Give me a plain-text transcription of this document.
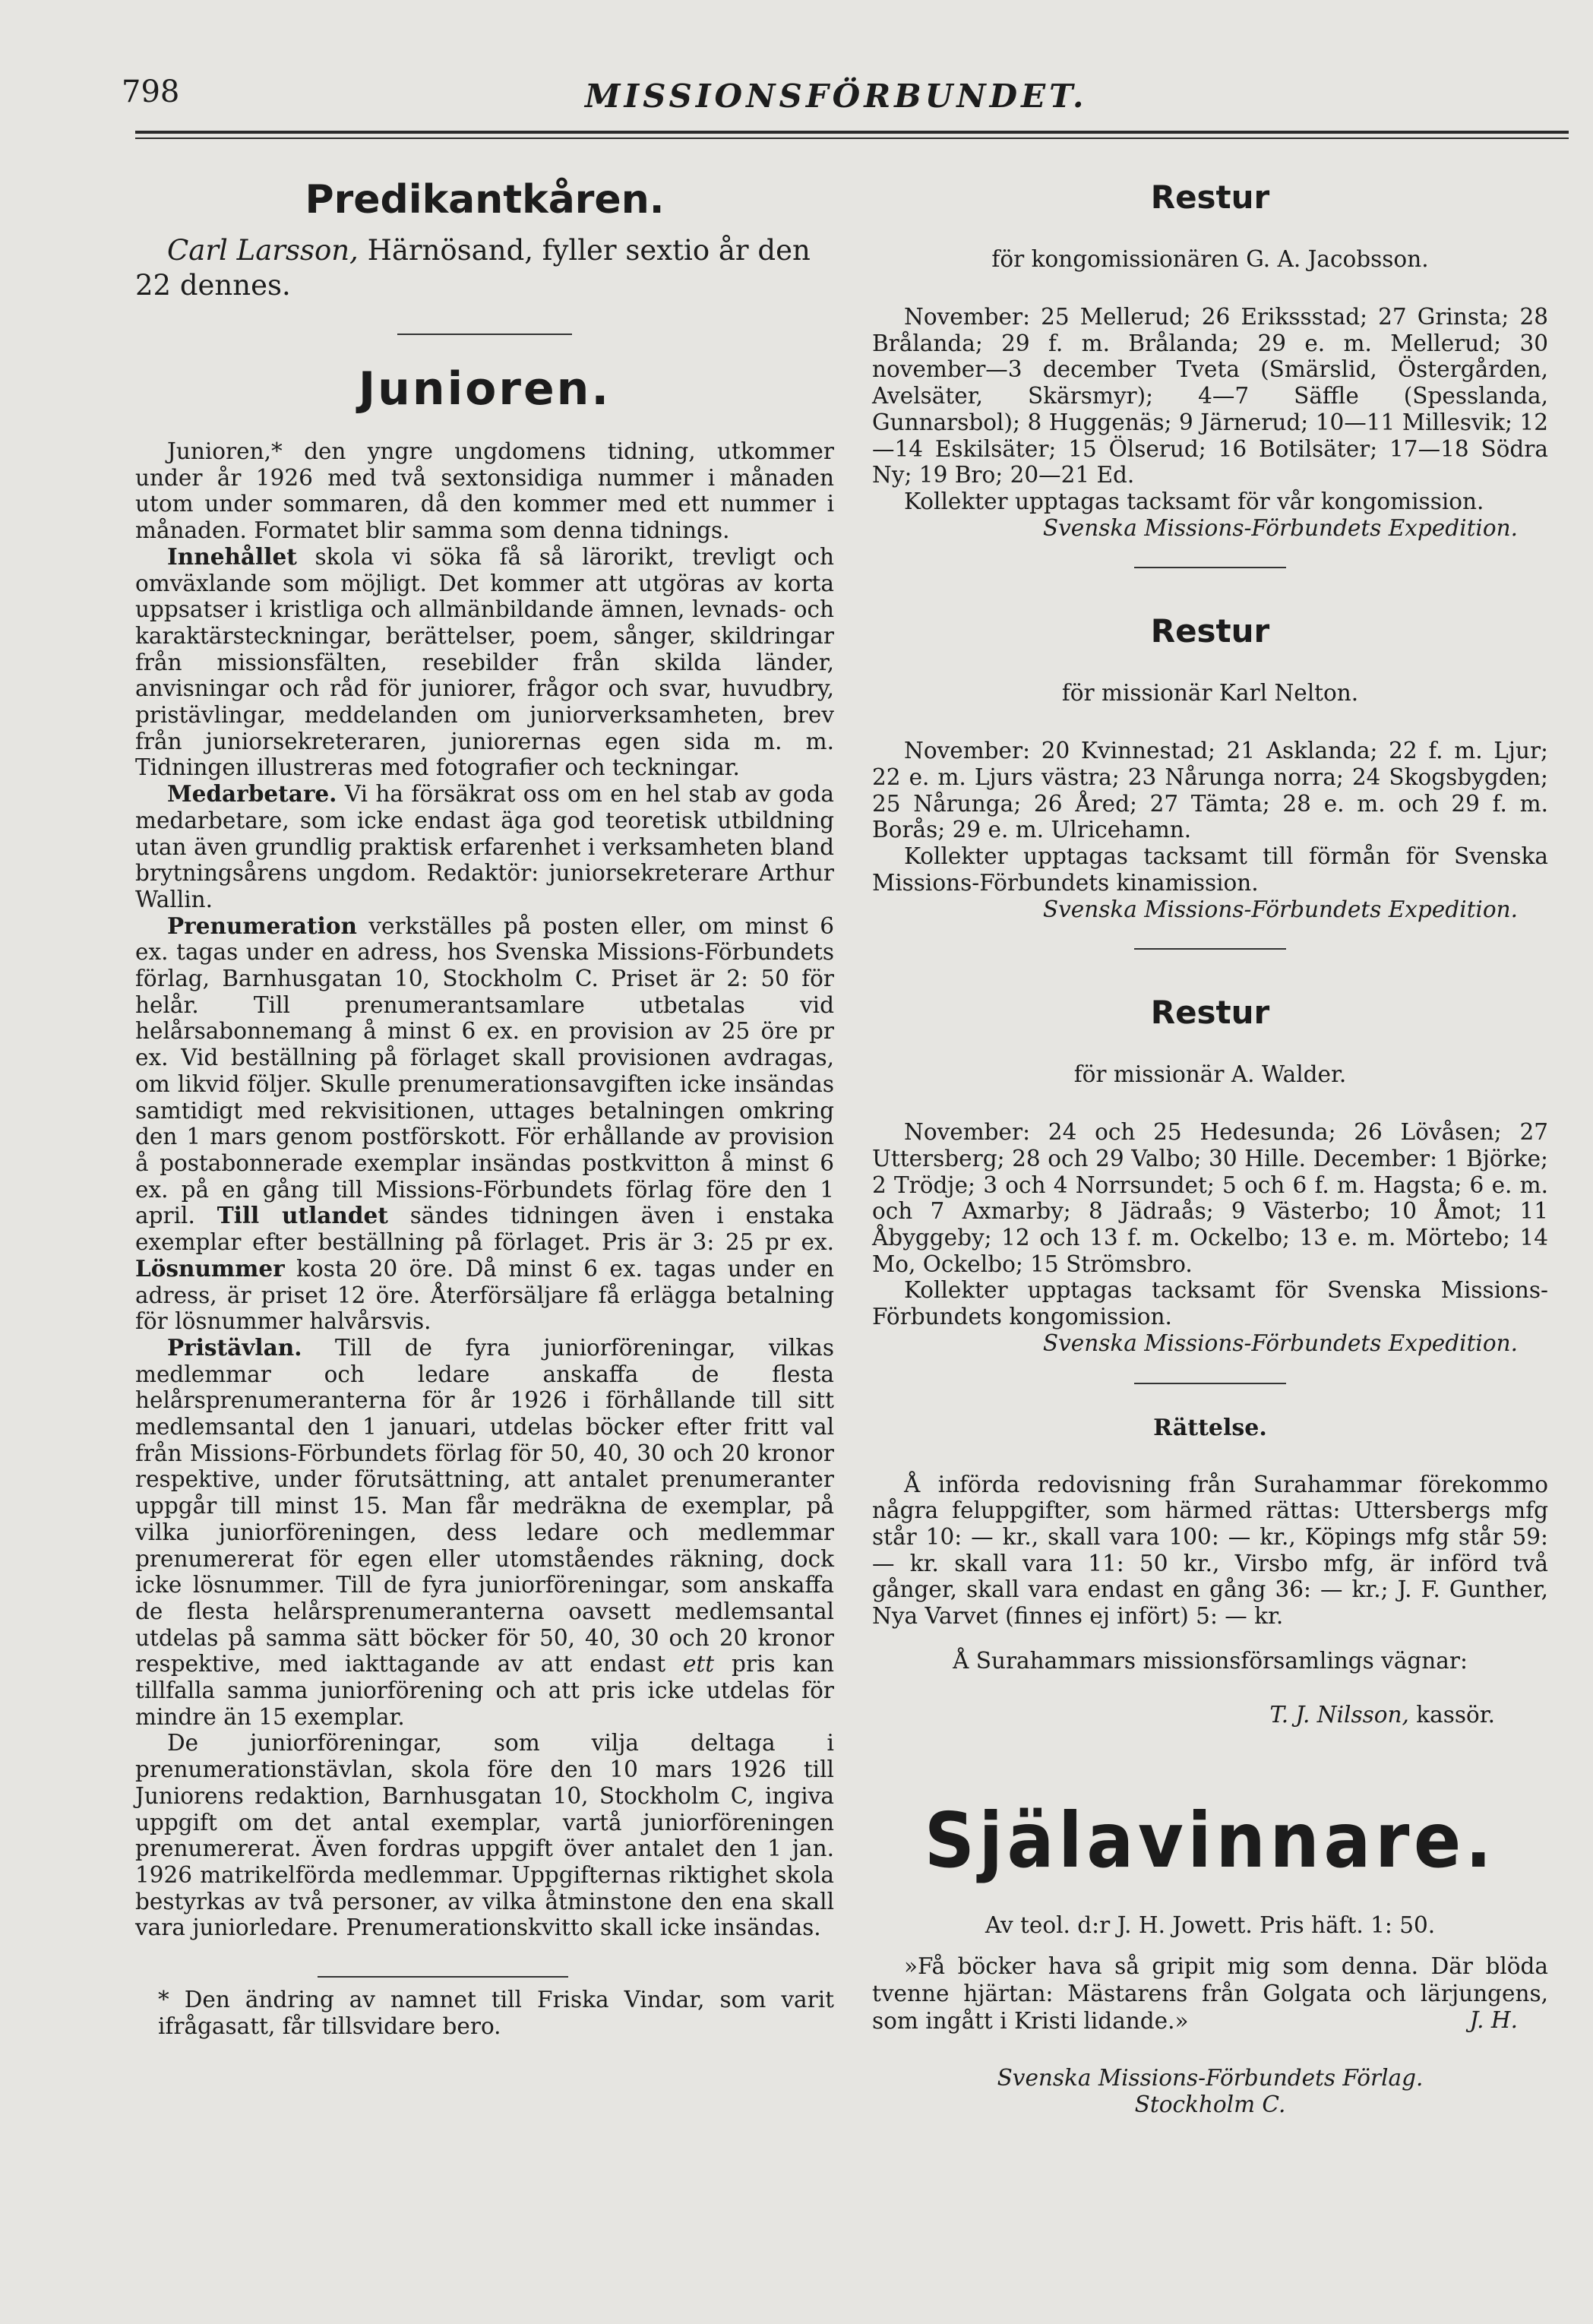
798	MISSIONSFÖRBUNDET.
Predikantkåren.

Carl Larsson, Härnösand, fyller sextio år den 22 dennes.

Junioren.

Junioren,* den yngre ungdomens tidning, utkommer under år 1926 med två sextonsidiga nummer i månaden utom under sommaren, då den kommer med ett nummer i månaden. Formatet blir samma som denna tidnings.

Innehållet skola vi söka få så lärorikt, trevligt och omväxlande som möjligt. Det kommer att utgöras av korta uppsatser i kristliga och allmänbildande ämnen, levnads- och karaktärsteckningar, berättelser, poem, sånger, skildringar från missionsfälten, resebilder från skilda länder, anvisningar och råd för juniorer, frågor och svar, huvudbry, pristävlingar, meddelanden om juniorverksamheten, brev från juniorsekreteraren, juniorernas egen sida m. m. Tidningen illustreras med fotografier och teckningar.

Medarbetare. Vi ha försäkrat oss om en hel stab av goda medarbetare, som icke endast äga god teoretisk utbildning utan även grundlig praktisk erfarenhet i verksamheten bland brytningsårens ungdom. Redaktör: juniorsekreterare Arthur Wallin.

Prenumeration verkställes på posten eller, om minst 6 ex. tagas under en adress, hos Svenska Missions-Förbundets förlag, Barnhusgatan 10, Stockholm C. Priset är 2: 50 för helår. Till prenumerantsamlare utbetalas vid helårsabonnemang å minst 6 ex. en provision av 25 öre pr ex. Vid beställning på förlaget skall provisionen avdragas, om likvid följer. Skulle prenumerationsavgiften icke insändas samtidigt med rekvisitionen, uttages betalningen omkring den 1 mars genom postförskott. För erhållande av provision å postabonnerade exemplar insändas postkvitton å minst 6 ex. på en gång till Missions-Förbundets förlag före den 1 april. Till utlandet sändes tidningen även i enstaka exemplar efter beställning på förlaget. Pris är 3: 25 pr ex. Lösnummer kosta 20 öre. Då minst 6 ex. tagas under en adress, är priset 12 öre. Återförsäljare få erlägga betalning för lösnummer halvårsvis.

Pristävlan. Till de fyra juniorföreningar, vilkas medlemmar och ledare anskaffa de flesta helårsprenumeranterna för år 1926 i förhållande till sitt medlemsantal den 1 januari, utdelas böcker efter fritt val från Missions-Förbundets förlag för 50, 40, 30 och 20 kronor respektive, under förutsättning, att antalet prenumeranter uppgår till minst 15. Man får medräkna de exemplar, på vilka juniorföreningen, dess ledare och medlemmar prenumererat för egen eller utomståendes räkning, dock icke lösnummer. Till de fyra juniorföreningar, som anskaffa de flesta helårsprenumeranterna oavsett medlemsantal utdelas på samma sätt böcker för 50, 40, 30 och 20 kronor respektive, med iakttagande av att endast ett pris kan tillfalla samma juniorförening och att pris icke utdelas för mindre än 15 exemplar.

De juniorföreningar, som vilja deltaga i prenumerationstävlan, skola före den 10 mars 1926 till Juniorens redaktion, Barnhusgatan 10, Stockholm C, ingiva uppgift om det antal exemplar, vartå juniorföreningen prenumererat. Även fordras uppgift över antalet den 1 jan. 1926 matrikelförda medlemmar. Uppgifternas riktighet skola bestyrkas av två personer, av vilka åtminstone den ena skall vara juniorledare. Prenumerationskvitto skall icke insändas.

* Den ändring av namnet till Friska Vindar, som varit ifrågasatt, får tillsvidare bero.

Restur

för kongomissionären G. A. Jacobsson.

November: 25 Mellerud; 26 Erikssstad; 27 Grinsta; 28 Brålanda; 29 f. m. Brålanda; 29 e. m. Mellerud; 30 november—3 december Tveta (Smärslid, Östergården, Avelsäter, Skärsmyr); 4—7 Säffle (Spesslanda, Gunnarsbol); 8 Huggenäs; 9 Järnerud; 10—11 Millesvik; 12—14 Eskilsäter; 15 Ölserud; 16 Botilsäter; 17—18 Södra Ny; 19 Bro; 20—21 Ed.

Kollekter upptagas tacksamt för vår kongomission.

Svenska Missions-Förbundets Expedition.

Restur

för missionär Karl Nelton.

November: 20 Kvinnestad; 21 Asklanda; 22 f. m. Ljur; 22 e. m. Ljurs västra; 23 Nårunga norra; 24 Skogsbygden; 25 Nårunga; 26 Åred; 27 Tämta; 28 e. m. och 29 f. m. Borås; 29 e. m. Ulricehamn.

Kollekter upptagas tacksamt till förmån för Svenska Missions-Förbundets kinamission.

Svenska Missions-Förbundets Expedition.

Restur

för missionär A. Walder.

November: 24 och 25 Hedesunda; 26 Lövåsen; 27 Uttersberg; 28 och 29 Valbo; 30 Hille. December: 1 Björke; 2 Trödje; 3 och 4 Norrsundet; 5 och 6 f. m. Hagsta; 6 e. m. och 7 Axmarby; 8 Jädraås; 9 Västerbo; 10 Åmot; 11 Åbyggeby; 12 och 13 f. m. Ockelbo; 13 e. m. Mörtebo; 14 Mo, Ockelbo; 15 Strömsbro.

Kollekter upptagas tacksamt för Svenska Missions-Förbundets kongomission.

Svenska Missions-Förbundets Expedition.

Rättelse.

Å införda redovisning från Surahammar förekommo några feluppgifter, som härmed rättas: Uttersbergs mfg står 10: — kr., skall vara 100: — kr., Köpings mfg står 59: — kr. skall vara 11: 50 kr., Virsbo mfg, är införd två gånger, skall vara endast en gång 36: — kr.; J. F. Gunther, Nya Varvet (finnes ej infört) 5: — kr.

Å Surahammars missionsförsamlings vägnar:

T. J. Nilsson, kassör.

Själavinnare.

Av teol. d:r J. H. Jowett. Pris häft. 1: 50.

»Få böcker hava så gripit mig som denna. Där blöda tvenne hjärtan: Mästarens från Golgata och lärjungens, som ingått i Kristi lidande.»	J. H.

Svenska Missions-Förbundets Förlag.

Stockholm C.
